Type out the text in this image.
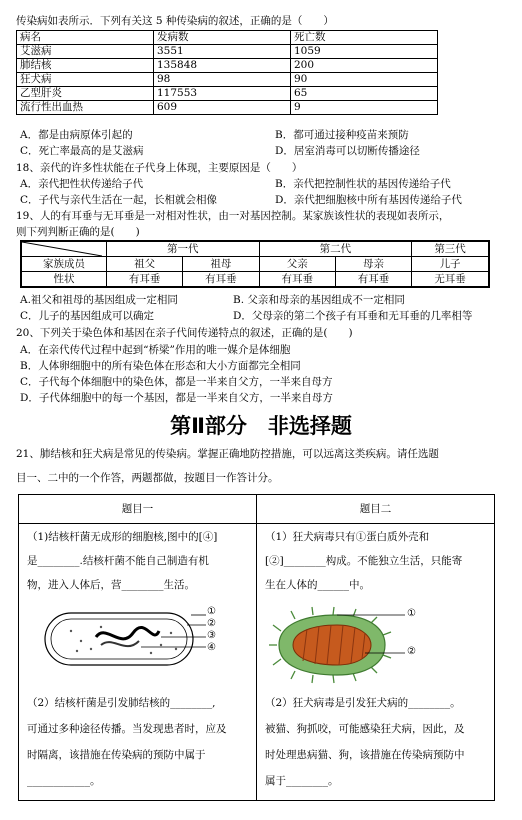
传染病如表所示．下列有关这 5 种传染病的叙述，正确的是（　　）
病名	发病数	死亡数
艾滋病	3551	1059
肺结核	135848	200
狂犬病	98	90
乙型肝炎	117553	65
流行性出血热	609	9
A．都是由病原体引起的	B．都可通过接种疫苗来预防
C．死亡率最高的是艾滋病	D．居室消毒可以切断传播途径
18、亲代的许多性状能在子代身上体现，主要原因是（　　）
A．亲代把性状传递给子代	B．亲代把控制性状的基因传递给子代
C．子代与亲代生活在一起，长相就会相像	D．亲代把细胞核中所有基因传递给子代
19、人的有耳垂与无耳垂是一对相对性状，由一对基因控制。某家族该性状的表现如表所示，
则下列判断正确的是(　　)
	第一代		第二代		第三代
家族成员	祖父	祖母	父亲	母亲	儿子
性状	有耳垂	有耳垂	有耳垂	有耳垂	无耳垂
A.祖父和祖母的基因组成一定相同	B. 父亲和母亲的基因组成不一定相同
C．儿子的基因组成可以确定	D．父母亲的第二个孩子有耳垂和无耳垂的几率相等
20、下列关于染色体和基因在亲子代间传递特点的叙述，正确的是(　　)
A．在亲代传代过程中起到“桥梁”作用的唯一媒介是体细胞
B．人体卵细胞中的所有染色体在形态和大小方面都完全相同
C．子代每个体细胞中的染色体，都是一半来自父方，一半来自母方
D．子代体细胞中的每一个基因，都是一半来自父方，一半来自母方
第Ⅱ部分　非选择题
21、肺结核和狂犬病是常见的传染病。掌握正确地防控措施，可以远离这类疾病。请任选题
目一、二中的一个作答，两题都做，按题目一作答计分。
题目一
（1)结核杆菌无成形的细胞核,图中的[④]
是________.结核杆菌不能自己制造有机
物，进入人体后，营________生活。
①
②
③
④
（2）结核杆菌是引发肺结核的________,
可通过多种途径传播。当发现患者时，应及
时隔离，该措施在传染病的预防中属于
____________。
题目二
（1）狂犬病毒只有①蛋白质外壳和
[②]________构成。不能独立生活，只能寄
生在人体的______中。
①
②
（2）狂犬病毒是引发狂犬病的________。
被猫、狗抓咬，可能感染狂犬病，因此，及
时处理患病猫、狗，该措施在传染病预防中
属于________。
